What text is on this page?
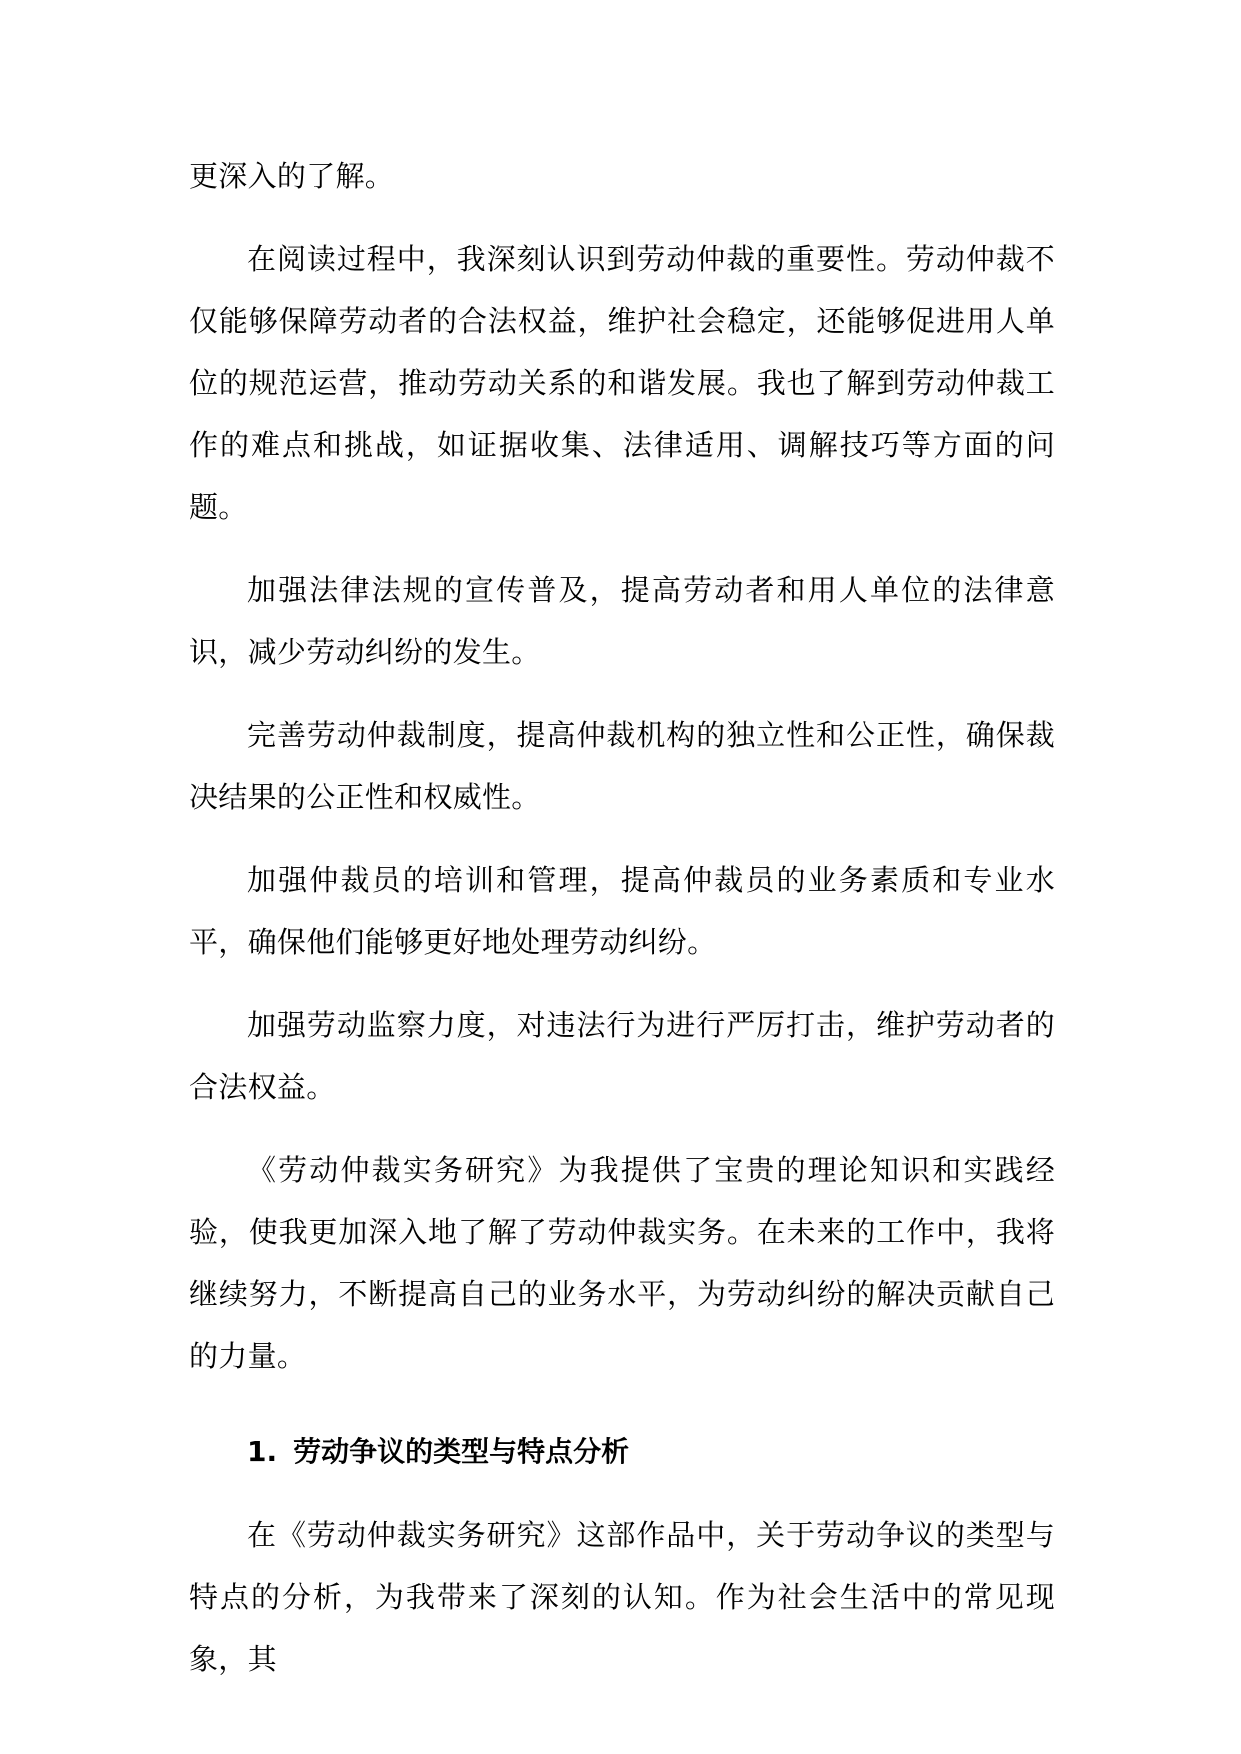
更深入的了解。

在阅读过程中，我深刻认识到劳动仲裁的重要性。劳动仲裁不仅能够保障劳动者的合法权益，维护社会稳定，还能够促进用人单位的规范运营，推动劳动关系的和谐发展。我也了解到劳动仲裁工作的难点和挑战，如证据收集、法律适用、调解技巧等方面的问题。

加强法律法规的宣传普及，提高劳动者和用人单位的法律意识，减少劳动纠纷的发生。

完善劳动仲裁制度，提高仲裁机构的独立性和公正性，确保裁决结果的公正性和权威性。

加强仲裁员的培训和管理，提高仲裁员的业务素质和专业水平，确保他们能够更好地处理劳动纠纷。

加强劳动监察力度，对违法行为进行严厉打击，维护劳动者的合法权益。

《劳动仲裁实务研究》为我提供了宝贵的理论知识和实践经验，使我更加深入地了解了劳动仲裁实务。在未来的工作中，我将继续努力，不断提高自己的业务水平，为劳动纠纷的解决贡献自己的力量。

1. 劳动争议的类型与特点分析

在《劳动仲裁实务研究》这部作品中，关于劳动争议的类型与特点的分析，为我带来了深刻的认知。作为社会生活中的常见现象，其
